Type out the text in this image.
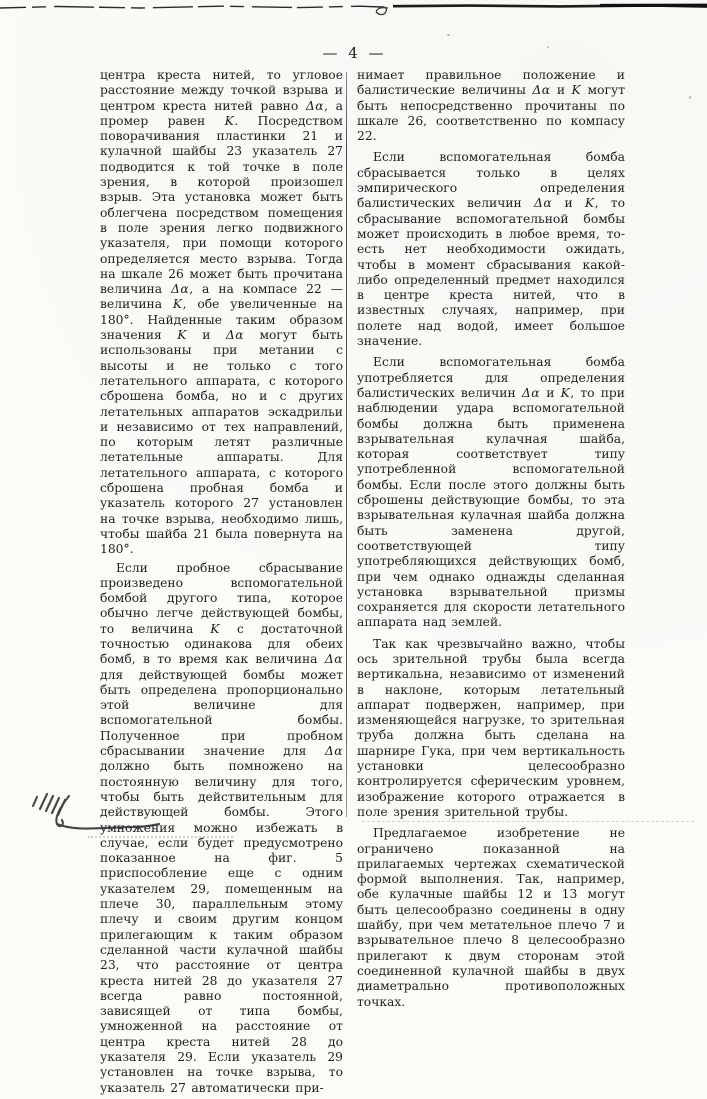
— 4 —

центра креста нитей, то угловое расстояние между точкой взрыва и центром креста нитей равно Δα, а промер равен K. Посредством поворачивания пластинки 21 и кулачной шайбы 23 указатель 27 подводится к той точке в поле зрения, в которой произошел взрыв. Эта установка может быть облегчена посредством помещения в поле зрения легко подвижного указателя, при помощи которого определяется место взрыва. Тогда на шкале 26 может быть прочитана величина Δα, а на компасе 22 — величина K, обе увеличенные на 180°. Найденные таким образом значения K и Δα могут быть использованы при метании с высоты и не только с того летательного аппарата, с которого сброшена бомба, но и с других летательных аппаратов эскадрильи и независимо от тех направлений, по которым летят различные летательные аппараты. Для летательного аппарата, с которого сброшена пробная бомба и указатель которого 27 установлен на точке взрыва, необходимо лишь, чтобы шайба 21 была повернута на 180°.

Если пробное сбрасывание произведено вспомогательной бомбой другого типа, которое обычно легче действующей бомбы, то величина K с достаточной точностью одинакова для обеих бомб, в то время как величина Δα для действующей бомбы может быть определена пропорционально этой величине для вспомогательной бомбы. Полученное при пробном сбрасывании значение для Δα должно быть помножено на постоянную величину для того, чтобы быть действительным для действующей бомбы. Этого умножения можно избежать в случае, если будет предусмотрено показанное на фиг. 5 приспособление еще с одним указателем 29, помещенным на плече 30, параллельным этому плечу и своим другим концом прилегающим к таким образом сделанной части кулачной шайбы 23, что расстояние от центра креста нитей 28 до указателя 27 всегда равно постоянной, зависящей от типа бомбы, умноженной на расстояние от центра креста нитей 28 до указателя 29. Если указатель 29 установлен на точке взрыва, то указатель 27 автоматически при-

нимает правильное положение и балистические величины Δα и K могут быть непосредственно прочитаны по шкале 26, соответственно по компасу 22.

Если вспомогательная бомба сбрасывается только в целях эмпирического определения балистических величин Δα и K, то сбрасывание вспомогательной бомбы может происходить в любое время, то-есть нет необходимости ожидать, чтобы в момент сбрасывания какой-либо определенный предмет находился в центре креста нитей, что в известных случаях, например, при полете над водой, имеет большое значение.

Если вспомогательная бомба употребляется для определения балистических величин Δα и K, то при наблюдении удара вспомогательной бомбы должна быть применена взрывательная кулачная шайба, которая соответствует типу употребленной вспомогательной бомбы. Если после этого должны быть сброшены действующие бомбы, то эта взрывательная кулачная шайба должна быть заменена другой, соответствующей типу употребляющихся действующих бомб, при чем однако однажды сделанная установка взрывательной призмы сохраняется для скорости летательного аппарата над землей.

Так как чрезвычайно важно, чтобы ось зрительной трубы была всегда вертикальна, независимо от изменений в наклоне, которым летательный аппарат подвержен, например, при изменяющейся нагрузке, то зрительная труба должна быть сделана на шарнире Гука, при чем вертикальность установки целесообразно контролируется сферическим уровнем, изображение которого отражается в поле зрения зрительной трубы.

Предлагаемое изобретение не ограничено показанной на прилагаемых чертежах схематической формой выполнения. Так, например, обе кулачные шайбы 12 и 13 могут быть целесообразно соединены в одну шайбу, при чем метательное плечо 7 и взрывательное плечо 8 целесообразно прилегают к двум сторонам этой соединенной кулачной шайбы в двух диаметрально противоположных точках.
